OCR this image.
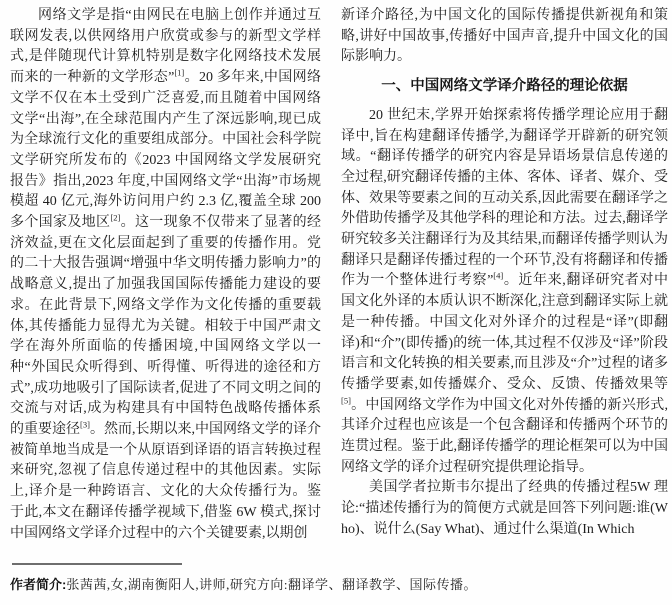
网络文学是指“由网民在电脑上创作并通过互联网发表,以供网络用户欣赏或参与的新型文学样式,是伴随现代计算机特别是数字化网络技术发展而来的一种新的文学形态”[1]。20 多年来,中国网络文学不仅在本土受到广泛喜爱,而且随着中国网络文学“出海”,在全球范围内产生了深远影响,现已成为全球流行文化的重要组成部分。中国社会科学院文学研究所发布的《2023 中国网络文学发展研究报告》指出,2023 年度,中国网络文学“出海”市场规模超 40 亿元,海外访问用户约 2.3 亿,覆盖全球 200 多个国家及地区[2]。这一现象不仅带来了显著的经济效益,更在文化层面起到了重要的传播作用。党的二十大报告强调“增强中华文明传播力影响力”的战略意义,提出了加强我国国际传播能力建设的要求。在此背景下,网络文学作为文化传播的重要载体,其传播能力显得尤为关键。相较于中国严肃文学在海外所面临的传播困境,中国网络文学以一种“外国民众听得到、听得懂、听得进的途径和方式”,成功地吸引了国际读者,促进了不同文明之间的交流与对话,成为构建具有中国特色战略传播体系的重要途径[3]。然而,长期以来,中国网络文学的译介被简单地当成是一个从原语到译语的语言转换过程来研究,忽视了信息传递过程中的其他因素。实际上,译介是一种跨语言、文化的大众传播行为。鉴于此,本文在翻译传播学视域下,借鉴 6W 模式,探讨中国网络文学译介过程中的六个关键要素,以期创

新译介路径,为中国文化的国际传播提供新视角和策略,讲好中国故事,传播好中国声音,提升中国文化的国际影响力。

一、中国网络文学译介路径的理论依据

20 世纪末,学界开始探索将传播学理论应用于翻译中,旨在构建翻译传播学,为翻译学开辟新的研究领域。“翻译传播学的研究内容是异语场景信息传递的全过程,研究翻译传播的主体、客体、译者、媒介、受体、效果等要素之间的互动关系,因此需要在翻译学之外借助传播学及其他学科的理论和方法。过去,翻译学研究较多关注翻译行为及其结果,而翻译传播学则认为翻译只是翻译传播过程的一个环节,没有将翻译和传播作为一个整体进行考察”[4]。近年来,翻译研究者对中国文化外译的本质认识不断深化,注意到翻译实际上就是一种传播。中国文化对外译介的过程是“译”(即翻译)和“介”(即传播)的统一体,其过程不仅涉及“译”阶段语言和文化转换的相关要素,而且涉及“介”过程的诸多传播学要素,如传播媒介、受众、反馈、传播效果等[5]。中国网络文学作为中国文化对外传播的新兴形式,其译介过程也应该是一个包含翻译和传播两个环节的连贯过程。鉴于此,翻译传播学的理论框架可以为中国网络文学的译介过程研究提供理论指导。

美国学者拉斯韦尔提出了经典的传播过程5W 理论:“描述传播行为的简便方式就是回答下列问题:谁(Who)、说什么(Say What)、通过什么渠道(In Which

作者简介:张茜茜,女,湖南衡阳人,讲师,研究方向:翻译学、翻译教学、国际传播。
